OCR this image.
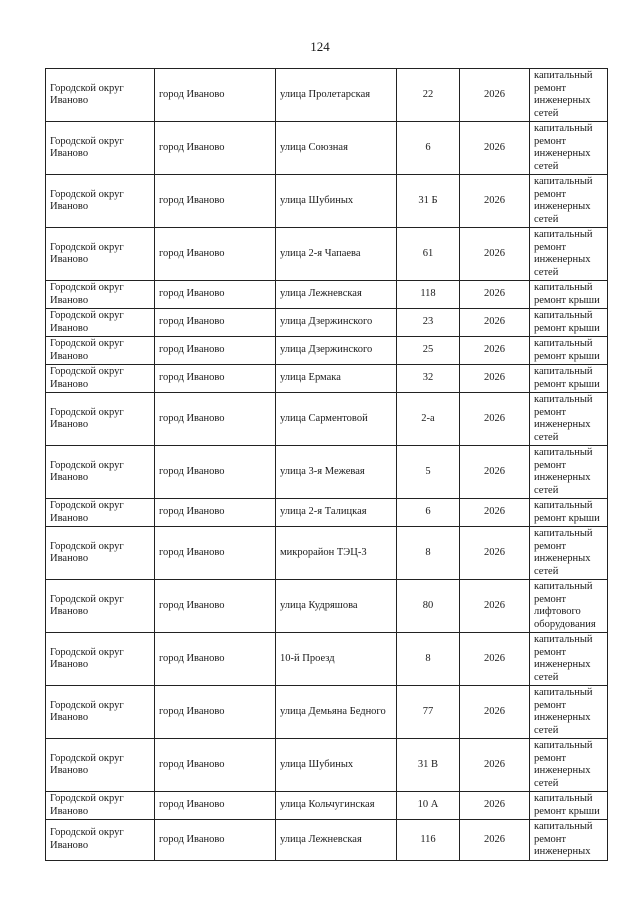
124
Городской округ Иваново	город Иваново	улица Пролетарская	22	2026	капитальный ремонт инженерных сетей
Городской округ Иваново	город Иваново	улица Союзная	6	2026	капитальный ремонт инженерных сетей
Городской округ Иваново	город Иваново	улица Шубиных	31 Б	2026	капитальный ремонт инженерных сетей
Городской округ Иваново	город Иваново	улица 2-я Чапаева	61	2026	капитальный ремонт инженерных сетей
Городской округ Иваново	город Иваново	улица Лежневская	118	2026	капитальный ремонт крыши
Городской округ Иваново	город Иваново	улица Дзержинского	23	2026	капитальный ремонт крыши
Городской округ Иваново	город Иваново	улица Дзержинского	25	2026	капитальный ремонт крыши
Городской округ Иваново	город Иваново	улица Ермака	32	2026	капитальный ремонт крыши
Городской округ Иваново	город Иваново	улица Сарментовой	2-а	2026	капитальный ремонт инженерных сетей
Городской округ Иваново	город Иваново	улица 3-я Межевая	5	2026	капитальный ремонт инженерных сетей
Городской округ Иваново	город Иваново	улица 2-я Талицкая	6	2026	капитальный ремонт крыши
Городской округ Иваново	город Иваново	микрорайон ТЭЦ-3	8	2026	капитальный ремонт инженерных сетей
Городской округ Иваново	город Иваново	улица Кудряшова	80	2026	капитальный ремонт лифтового оборудования
Городской округ Иваново	город Иваново	10-й Проезд	8	2026	капитальный ремонт инженерных сетей
Городской округ Иваново	город Иваново	улица Демьяна Бедного	77	2026	капитальный ремонт инженерных сетей
Городской округ Иваново	город Иваново	улица Шубиных	31 В	2026	капитальный ремонт инженерных сетей
Городской округ Иваново	город Иваново	улица Кольчугинская	10 А	2026	капитальный ремонт крыши
Городской округ Иваново	город Иваново	улица Лежневская	116	2026	капитальный ремонт инженерных
